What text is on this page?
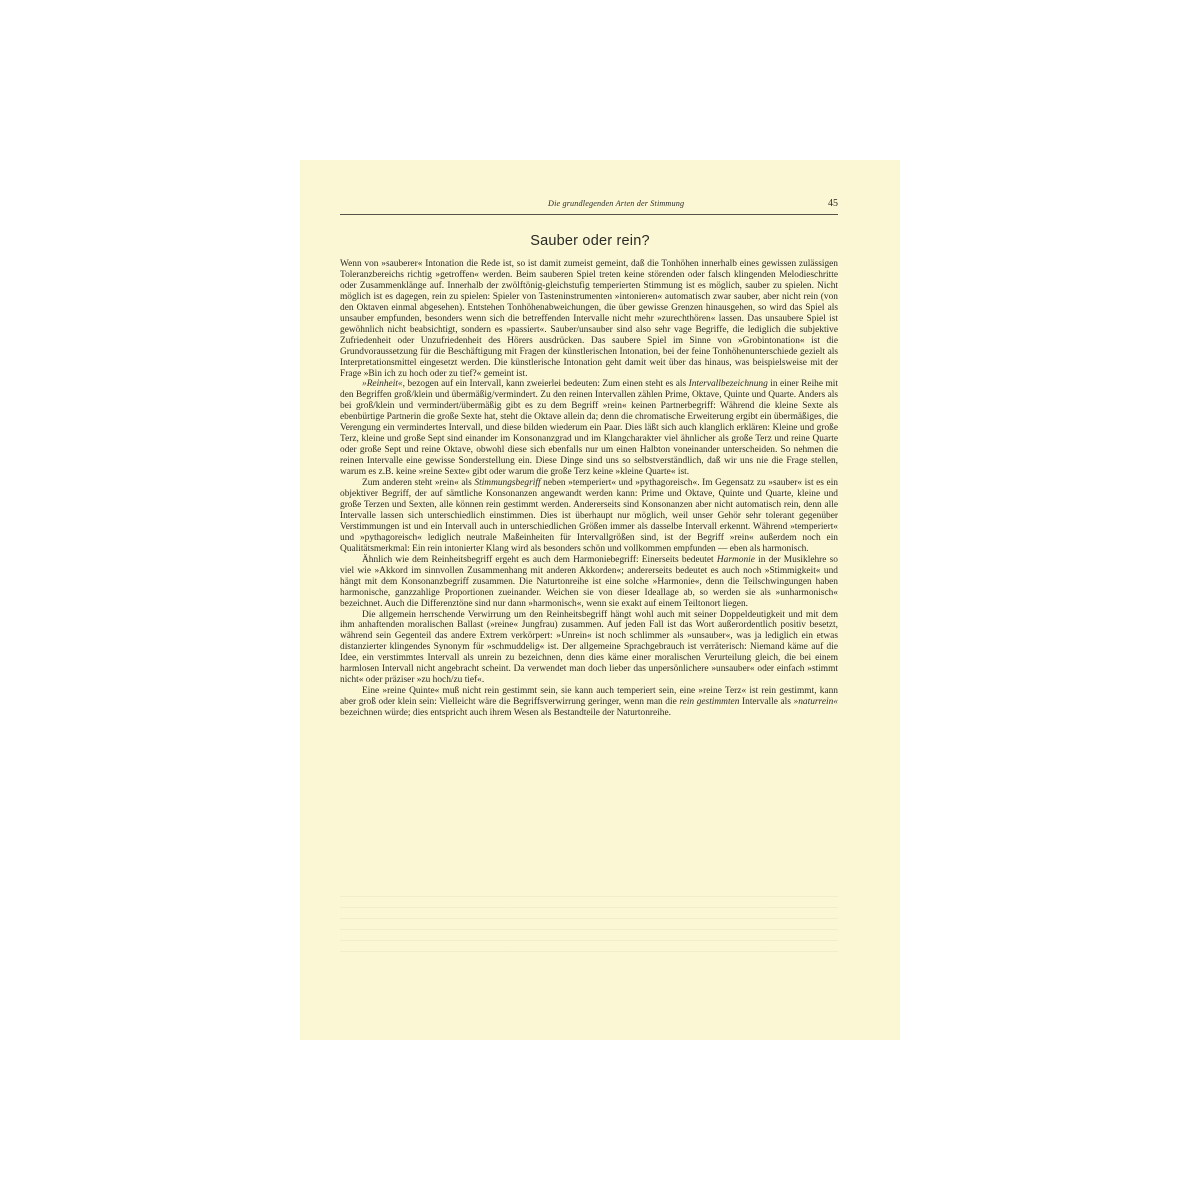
Die grundlegenden Arten der Stimmung	45
Sauber oder rein?

Wenn von »sauberer« Intonation die Rede ist, so ist damit zumeist gemeint, daß die Tonhöhen innerhalb eines gewissen zulässigen Toleranzbereichs richtig »getroffen« werden. Beim sauberen Spiel treten keine störenden oder falsch klingenden Melodieschritte oder Zusammenklänge auf. Innerhalb der zwölftönig-gleichstufig temperierten Stimmung ist es möglich, sauber zu spielen. Nicht möglich ist es dagegen, rein zu spielen: Spieler von Tasteninstrumenten »intonieren« automatisch zwar sauber, aber nicht rein (von den Oktaven einmal abgesehen). Entstehen Tonhöhenabweichungen, die über gewisse Grenzen hinausgehen, so wird das Spiel als unsauber empfunden, besonders wenn sich die betreffenden Intervalle nicht mehr »zurechthören« lassen. Das unsaubere Spiel ist gewöhnlich nicht beabsichtigt, sondern es »passiert«. Sauber/unsauber sind also sehr vage Begriffe, die lediglich die subjektive Zufriedenheit oder Unzufriedenheit des Hörers ausdrücken. Das saubere Spiel im Sinne von »Grobintonation« ist die Grundvoraussetzung für die Beschäftigung mit Fragen der künstlerischen Intonation, bei der feine Tonhöhenunterschiede gezielt als Interpretationsmittel eingesetzt werden. Die künstlerische Intonation geht damit weit über das hinaus, was beispielsweise mit der Frage »Bin ich zu hoch oder zu tief?« gemeint ist.

»Reinheit«, bezogen auf ein Intervall, kann zweierlei bedeuten: Zum einen steht es als Intervallbezeichnung in einer Reihe mit den Begriffen groß/klein und übermäßig/vermindert. Zu den reinen Intervallen zählen Prime, Oktave, Quinte und Quarte. Anders als bei groß/klein und vermindert/übermäßig gibt es zu dem Begriff »rein« keinen Partnerbegriff: Während die kleine Sexte als ebenbürtige Partnerin die große Sexte hat, steht die Oktave allein da; denn die chromatische Erweiterung ergibt ein übermäßiges, die Verengung ein vermindertes Intervall, und diese bilden wiederum ein Paar. Dies läßt sich auch klanglich erklären: Kleine und große Terz, kleine und große Sept sind einander im Konsonanzgrad und im Klangcharakter viel ähnlicher als große Terz und reine Quarte oder große Sept und reine Oktave, obwohl diese sich ebenfalls nur um einen Halbton voneinander unterscheiden. So nehmen die reinen Intervalle eine gewisse Sonderstellung ein. Diese Dinge sind uns so selbstverständlich, daß wir uns nie die Frage stellen, warum es z.B. keine »reine Sexte« gibt oder warum die große Terz keine »kleine Quarte« ist.

Zum anderen steht »rein« als Stimmungsbegriff neben »temperiert« und »pythagoreisch«. Im Gegensatz zu »sauber« ist es ein objektiver Begriff, der auf sämtliche Konsonanzen angewandt werden kann: Prime und Oktave, Quinte und Quarte, kleine und große Terzen und Sexten, alle können rein gestimmt werden. Andererseits sind Konsonanzen aber nicht automatisch rein, denn alle Intervalle lassen sich unterschiedlich einstimmen. Dies ist überhaupt nur möglich, weil unser Gehör sehr tolerant gegenüber Verstimmungen ist und ein Intervall auch in unterschiedlichen Größen immer als dasselbe Intervall erkennt. Während »temperiert« und »pythagoreisch« lediglich neutrale Maßeinheiten für Intervallgrößen sind, ist der Begriff »rein« außerdem noch ein Qualitätsmerkmal: Ein rein intonierter Klang wird als besonders schön und vollkommen empfunden — eben als harmonisch.

Ähnlich wie dem Reinheitsbegriff ergeht es auch dem Harmoniebegriff: Einerseits bedeutet Harmonie in der Musiklehre so viel wie »Akkord im sinnvollen Zusammenhang mit anderen Akkorden«; andererseits bedeutet es auch noch »Stimmigkeit« und hängt mit dem Konsonanzbegriff zusammen. Die Naturtonreihe ist eine solche »Harmonie«, denn die Teilschwingungen haben harmonische, ganzzahlige Proportionen zueinander. Weichen sie von dieser Ideallage ab, so werden sie als »unharmonisch« bezeichnet. Auch die Differenztöne sind nur dann »harmonisch«, wenn sie exakt auf einem Teiltonort liegen.

Die allgemein herrschende Verwirrung um den Reinheitsbegriff hängt wohl auch mit seiner Doppeldeutigkeit und mit dem ihm anhaftenden moralischen Ballast (»reine« Jungfrau) zusammen. Auf jeden Fall ist das Wort außerordentlich positiv besetzt, während sein Gegenteil das andere Extrem verkörpert: »Unrein« ist noch schlimmer als »unsauber«, was ja lediglich ein etwas distanzierter klingendes Synonym für »schmuddelig« ist. Der allgemeine Sprachgebrauch ist verräterisch: Niemand käme auf die Idee, ein verstimmtes Intervall als unrein zu bezeichnen, denn dies käme einer moralischen Verurteilung gleich, die bei einem harmlosen Intervall nicht angebracht scheint. Da verwendet man doch lieber das unpersönlichere »unsauber« oder einfach »stimmt nicht« oder präziser »zu hoch/zu tief«.

Eine »reine Quinte« muß nicht rein gestimmt sein, sie kann auch temperiert sein, eine »reine Terz« ist rein gestimmt, kann aber groß oder klein sein: Vielleicht wäre die Begriffsverwirrung geringer, wenn man die rein gestimmten Intervalle als »naturrein« bezeichnen würde; dies entspricht auch ihrem Wesen als Bestandteile der Naturtonreihe.
